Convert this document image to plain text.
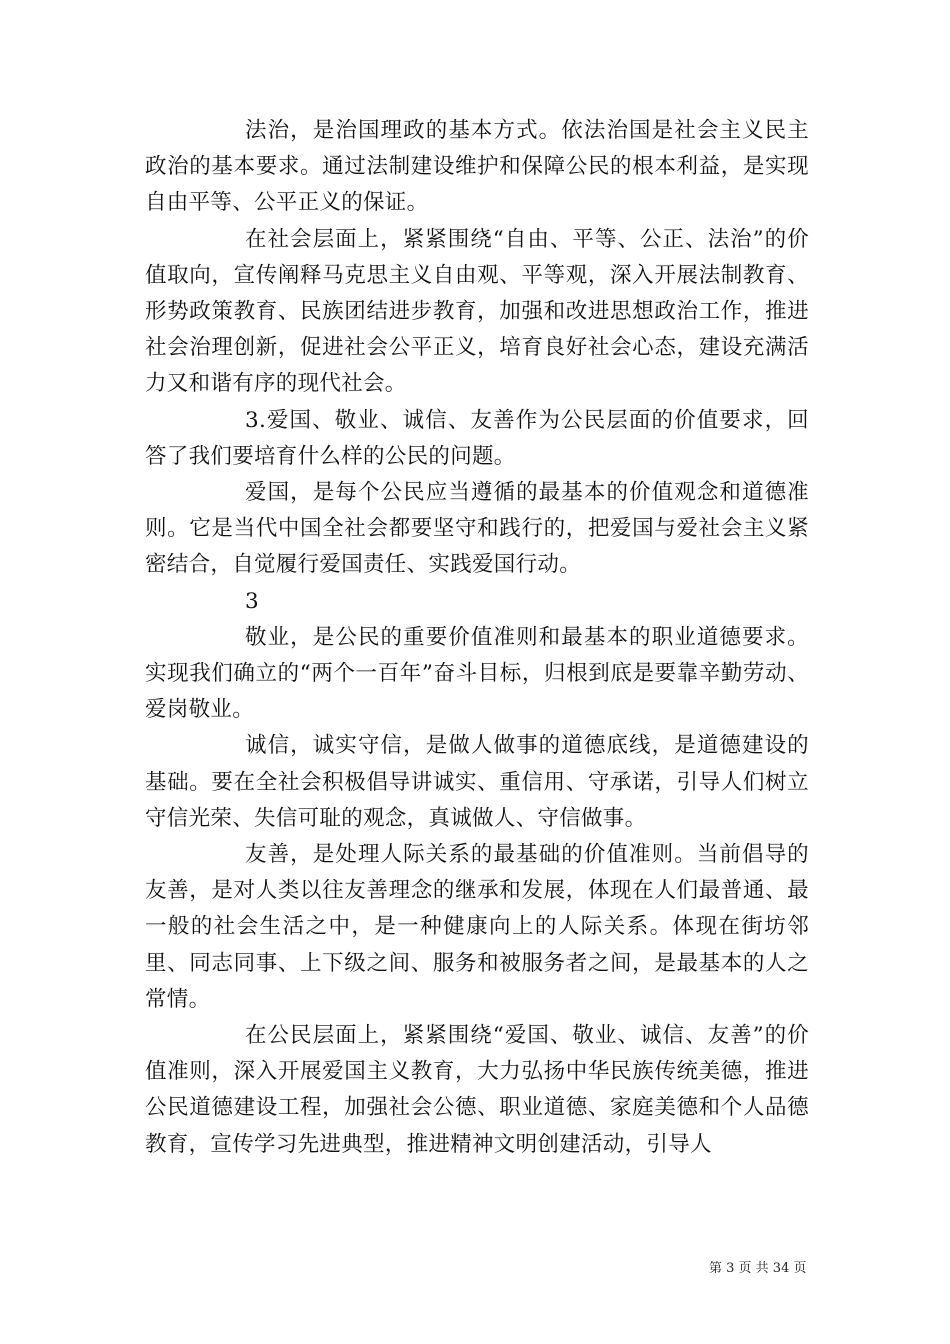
法治，是治国理政的基本方式。依法治国是社会主义民主政治的基本要求。通过法制建设维护和保障公民的根本利益，是实现自由平等、公平正义的保证。

在社会层面上，紧紧围绕“自由、平等、公正、法治”的价值取向，宣传阐释马克思主义自由观、平等观，深入开展法制教育、形势政策教育、民族团结进步教育，加强和改进思想政治工作，推进社会治理创新，促进社会公平正义，培育良好社会心态，建设充满活力又和谐有序的现代社会。

3.爱国、敬业、诚信、友善作为公民层面的价值要求，回答了我们要培育什么样的公民的问题。

爱国，是每个公民应当遵循的最基本的价值观念和道德准则。它是当代中国全社会都要坚守和践行的，把爱国与爱社会主义紧密结合，自觉履行爱国责任、实践爱国行动。

3

敬业，是公民的重要价值准则和最基本的职业道德要求。实现我们确立的“两个一百年”奋斗目标，归根到底是要靠辛勤劳动、爱岗敬业。

诚信，诚实守信，是做人做事的道德底线，是道德建设的基础。要在全社会积极倡导讲诚实、重信用、守承诺，引导人们树立守信光荣、失信可耻的观念，真诚做人、守信做事。

友善，是处理人际关系的最基础的价值准则。当前倡导的友善，是对人类以往友善理念的继承和发展，体现在人们最普通、最一般的社会生活之中，是一种健康向上的人际关系。体现在街坊邻里、同志同事、上下级之间、服务和被服务者之间，是最基本的人之常情。

在公民层面上，紧紧围绕“爱国、敬业、诚信、友善”的价值准则，深入开展爱国主义教育，大力弘扬中华民族传统美德，推进公民道德建设工程，加强社会公德、职业道德、家庭美德和个人品德教育，宣传学习先进典型，推进精神文明创建活动，引导人

第 3 页 共 34 页
